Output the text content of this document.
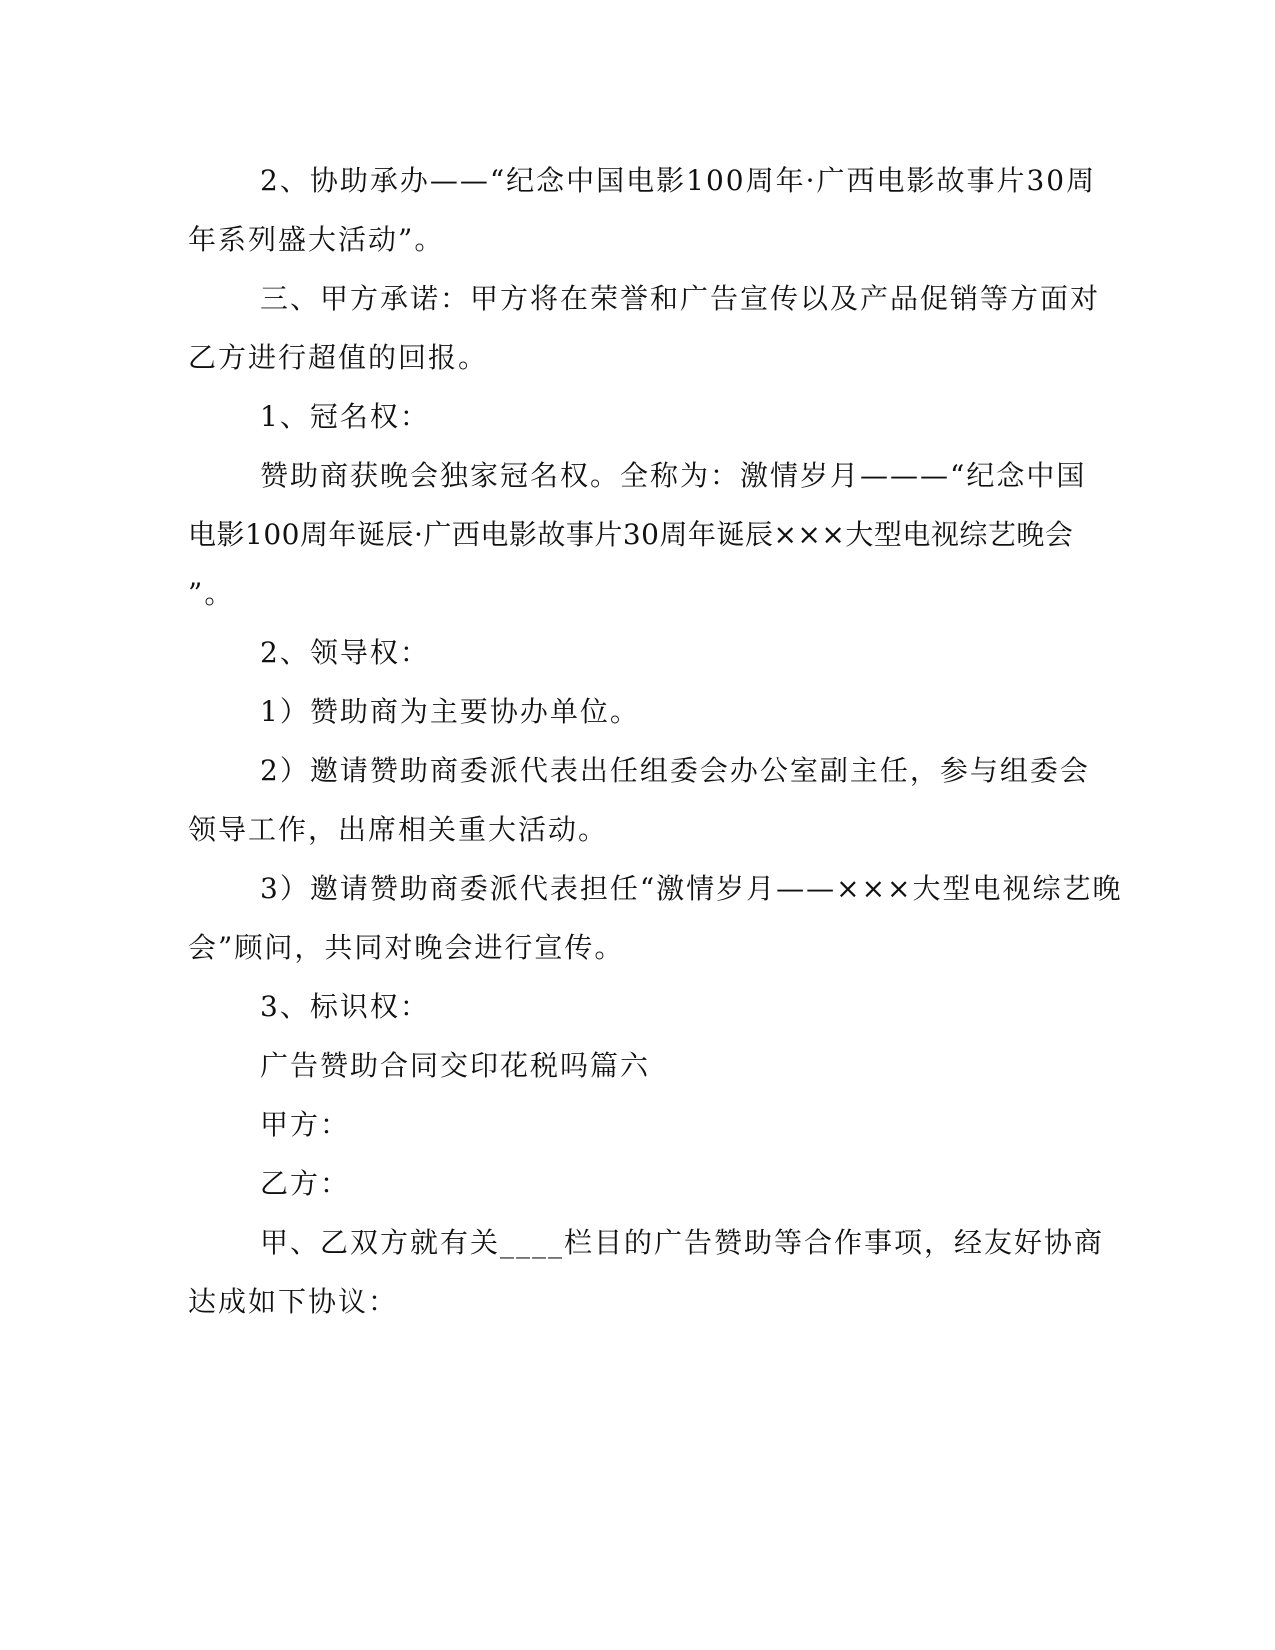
2、协助承办——“纪念中国电影100周年·广西电影故事片30周
年系列盛大活动”。
三、甲方承诺：甲方将在荣誉和广告宣传以及产品促销等方面对
乙方进行超值的回报。
1、冠名权：
赞助商获晚会独家冠名权。全称为：激情岁月———“纪念中国
电影100周年诞辰·广西电影故事片30周年诞辰×××大型电视综艺晚会
”。
2、领导权：
1）赞助商为主要协办单位。
2）邀请赞助商委派代表出任组委会办公室副主任，参与组委会
领导工作，出席相关重大活动。
3）邀请赞助商委派代表担任“激情岁月——×××大型电视综艺晚
会”顾问，共同对晚会进行宣传。
3、标识权：
广告赞助合同交印花税吗篇六
甲方：
乙方：
甲、乙双方就有关____栏目的广告赞助等合作事项，经友好协商
达成如下协议：
